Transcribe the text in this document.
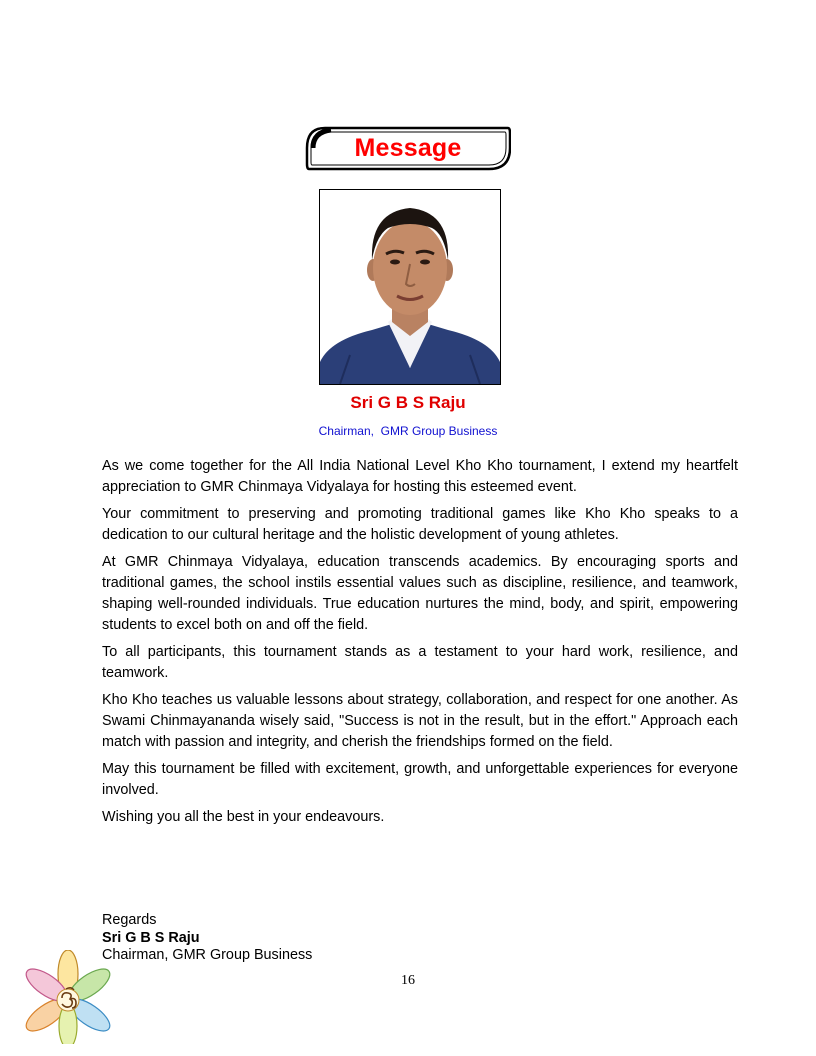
Message
Sri G B S Raju
Chairman,  GMR Group Business

As we come together for the All India National Level Kho Kho tournament, I extend my heartfelt appreciation to GMR Chinmaya Vidyalaya for hosting this esteemed event.

Your commitment to preserving and promoting traditional games like Kho Kho speaks to a dedication to our cultural heritage and the holistic development of young athletes.

At GMR Chinmaya Vidyalaya, education transcends academics. By encouraging sports and traditional games, the school instils essential values such as discipline, resilience, and teamwork, shaping well-rounded individuals. True education nurtures the mind, body, and spirit, empowering students to excel both on and off the field.

To all participants, this tournament stands as a testament to your hard work, resilience, and teamwork.

Kho Kho teaches us valuable lessons about strategy, collaboration, and respect for one another. As Swami Chinmayananda wisely said, "Success is not in the result, but in the effort." Approach each match with passion and integrity, and cherish the friendships formed on the field.

May this tournament be filled with excitement, growth, and unforgettable experiences for everyone involved.

Wishing you all the best in your endeavours.

Regards
Sri G B S Raju
Chairman, GMR Group Business
16
